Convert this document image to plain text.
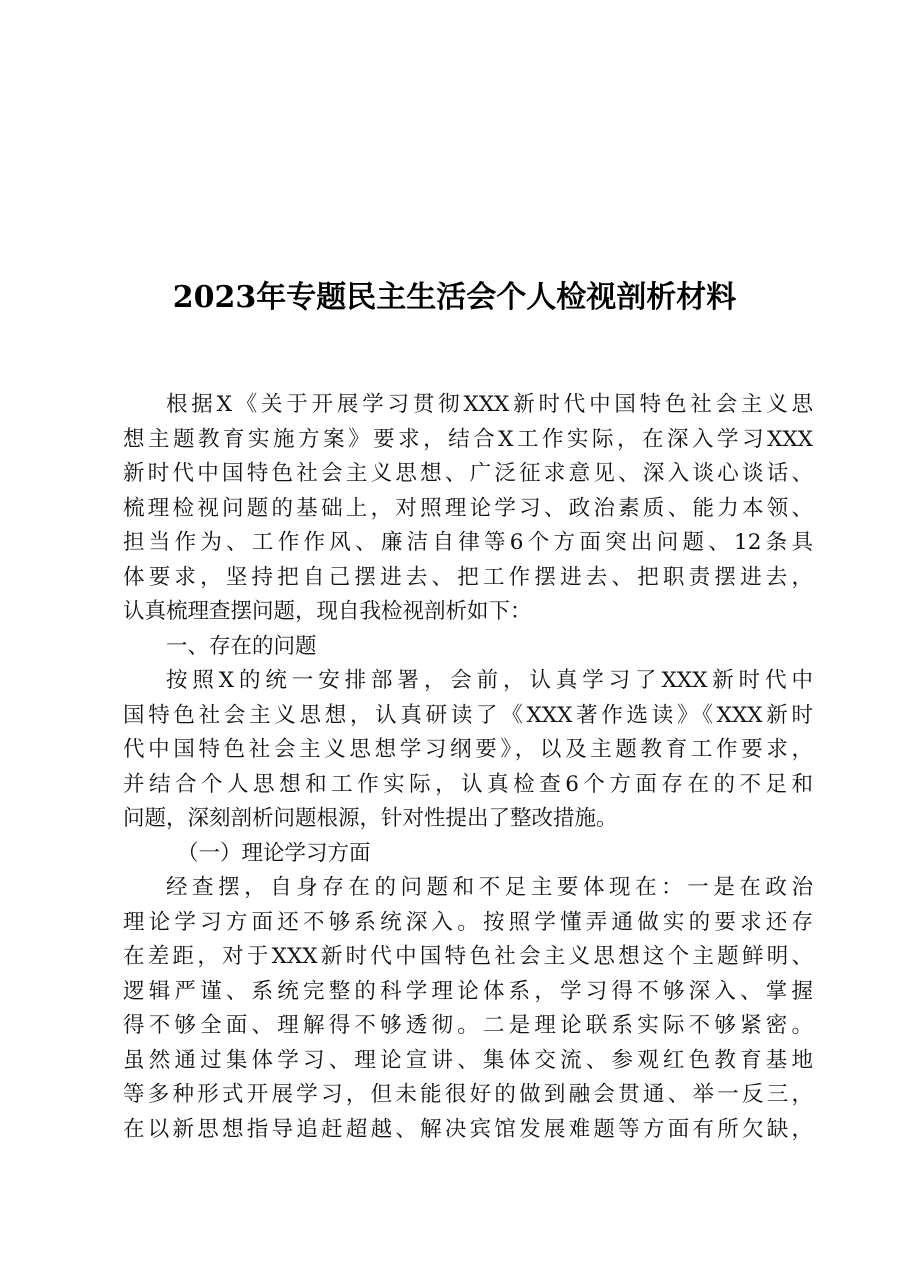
2023年专题民主生活会个人检视剖析材料
根据X《关于开展学习贯彻XXX新时代中国特色社会主义思
想主题教育实施方案》要求，结合X工作实际，在深入学习XXX
新时代中国特色社会主义思想、广泛征求意见、深入谈心谈话、
梳理检视问题的基础上，对照理论学习、政治素质、能力本领、
担当作为、工作作风、廉洁自律等6个方面突出问题、12条具
体要求，坚持把自己摆进去、把工作摆进去、把职责摆进去，
认真梳理查摆问题，现自我检视剖析如下：
一、存在的问题
按照X的统一安排部署，会前，认真学习了XXX新时代中
国特色社会主义思想，认真研读了《XXX著作选读》《XXX新时
代中国特色社会主义思想学习纲要》，以及主题教育工作要求，
并结合个人思想和工作实际，认真检查6个方面存在的不足和
问题，深刻剖析问题根源，针对性提出了整改措施。
（一）理论学习方面
经查摆，自身存在的问题和不足主要体现在：一是在政治
理论学习方面还不够系统深入。按照学懂弄通做实的要求还存
在差距，对于XXX新时代中国特色社会主义思想这个主题鲜明、
逻辑严谨、系统完整的科学理论体系，学习得不够深入、掌握
得不够全面、理解得不够透彻。二是理论联系实际不够紧密。
虽然通过集体学习、理论宣讲、集体交流、参观红色教育基地
等多种形式开展学习，但未能很好的做到融会贯通、举一反三，
在以新思想指导追赶超越、解决宾馆发展难题等方面有所欠缺，
